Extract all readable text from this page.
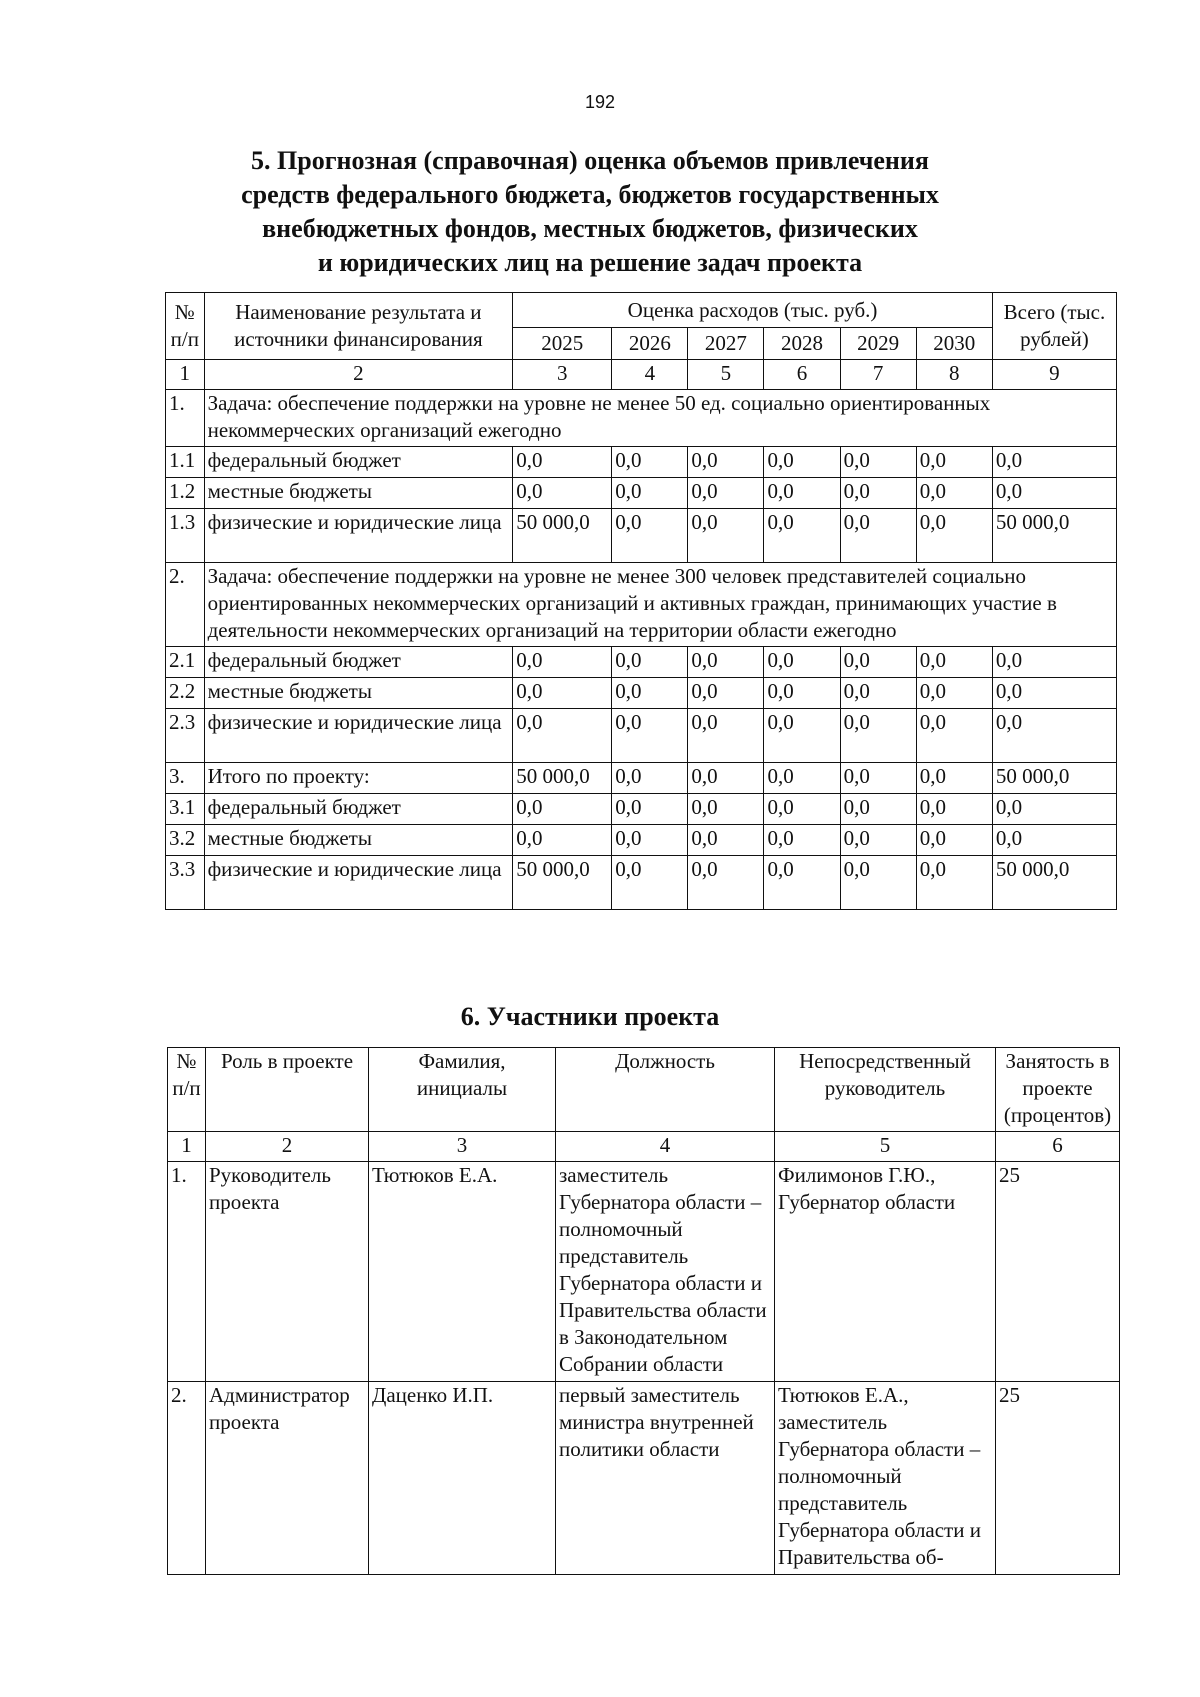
192
5. Прогнозная (справочная) оценка объемов привлечения
средств федерального бюджета, бюджетов государственных
внебюджетных фондов, местных бюджетов, физических
и юридических лиц на решение задач проекта
№ п/п	Наименование результата и источники финансирования	Оценка расходов (тыс. руб.)						Всего (тыс. рублей)
		2025	2026	2027	2028	2029	2030	
1	2	3	4	5	6	7	8	9
1.	Задача: обеспечение поддержки на уровне не менее 50 ед. социально ориентированных некоммерческих организаций ежегодно							
1.1	федеральный бюджет	0,0	0,0	0,0	0,0	0,0	0,0	0,0
1.2	местные бюджеты	0,0	0,0	0,0	0,0	0,0	0,0	0,0
1.3	физические и юридические лица	50 000,0	0,0	0,0	0,0	0,0	0,0	50 000,0
2.	Задача: обеспечение поддержки на уровне не менее 300 человек представителей социально ориентированных некоммерческих организаций и активных граждан, принимающих участие в деятельности некоммерческих организаций на территории области ежегодно							
2.1	федеральный бюджет	0,0	0,0	0,0	0,0	0,0	0,0	0,0
2.2	местные бюджеты	0,0	0,0	0,0	0,0	0,0	0,0	0,0
2.3	физические и юридические лица	0,0	0,0	0,0	0,0	0,0	0,0	0,0
3.	Итого по проекту:	50 000,0	0,0	0,0	0,0	0,0	0,0	50 000,0
3.1	федеральный бюджет	0,0	0,0	0,0	0,0	0,0	0,0	0,0
3.2	местные бюджеты	0,0	0,0	0,0	0,0	0,0	0,0	0,0
3.3	физические и юридические лица	50 000,0	0,0	0,0	0,0	0,0	0,0	50 000,0
6. Участники проекта
№ п/п	Роль в проекте	Фамилия, инициалы	Должность	Непосредственный руководитель	Занятость в проекте (процентов)
1	2	3	4	5	6
1.	Руководитель проекта	Тютюков Е.А.	заместитель Губернатора области – полномочный представитель Губернатора области и Правительства области в Законодательном Собрании области	Филимонов Г.Ю., Губернатор области	25
2.	Администратор проекта	Даценко И.П.	первый заместитель министра внутренней политики области	Тютюков Е.А., заместитель Губернатора области – полномочный представитель Губернатора области и Правительства об-	25
